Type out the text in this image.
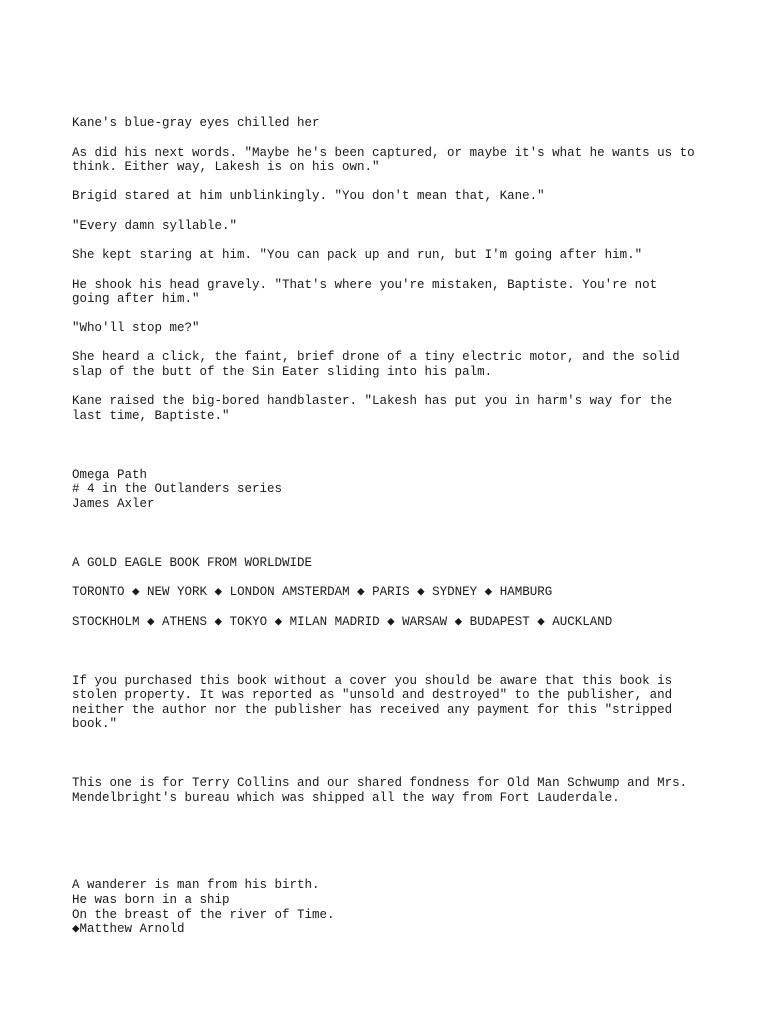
Kane's blue-gray eyes chilled her
As did his next words. "Maybe he's been captured, or maybe it's what he wants us to
think. Either way, Lakesh is on his own."
Brigid stared at him unblinkingly. "You don't mean that, Kane."
"Every damn syllable."
She kept staring at him. "You can pack up and run, but I'm going after him."
He shook his head gravely. "That's where you're mistaken, Baptiste. You're not
going after him."
"Who'll stop me?"
She heard a click, the faint, brief drone of a tiny electric motor, and the solid
slap of the butt of the Sin Eater sliding into his palm.
Kane raised the big-bored handblaster. "Lakesh has put you in harm's way for the
last time, Baptiste."
Omega Path
# 4 in the Outlanders series
James Axler
A GOLD EAGLE BOOK FROM WORLDWIDE
TORONTO ◆ NEW YORK ◆ LONDON AMSTERDAM ◆ PARIS ◆ SYDNEY ◆ HAMBURG
STOCKHOLM ◆ ATHENS ◆ TOKYO ◆ MILAN MADRID ◆ WARSAW ◆ BUDAPEST ◆ AUCKLAND
If you purchased this book without a cover you should be aware that this book is
stolen property. It was reported as "unsold and destroyed" to the publisher, and
neither the author nor the publisher has received any payment for this "stripped
book."
This one is for Terry Collins and our shared fondness for Old Man Schwump and Mrs.
Mendelbright's bureau which was shipped all the way from Fort Lauderdale.
A wanderer is man from his birth.
He was born in a ship
On the breast of the river of Time.
◆Matthew Arnold
